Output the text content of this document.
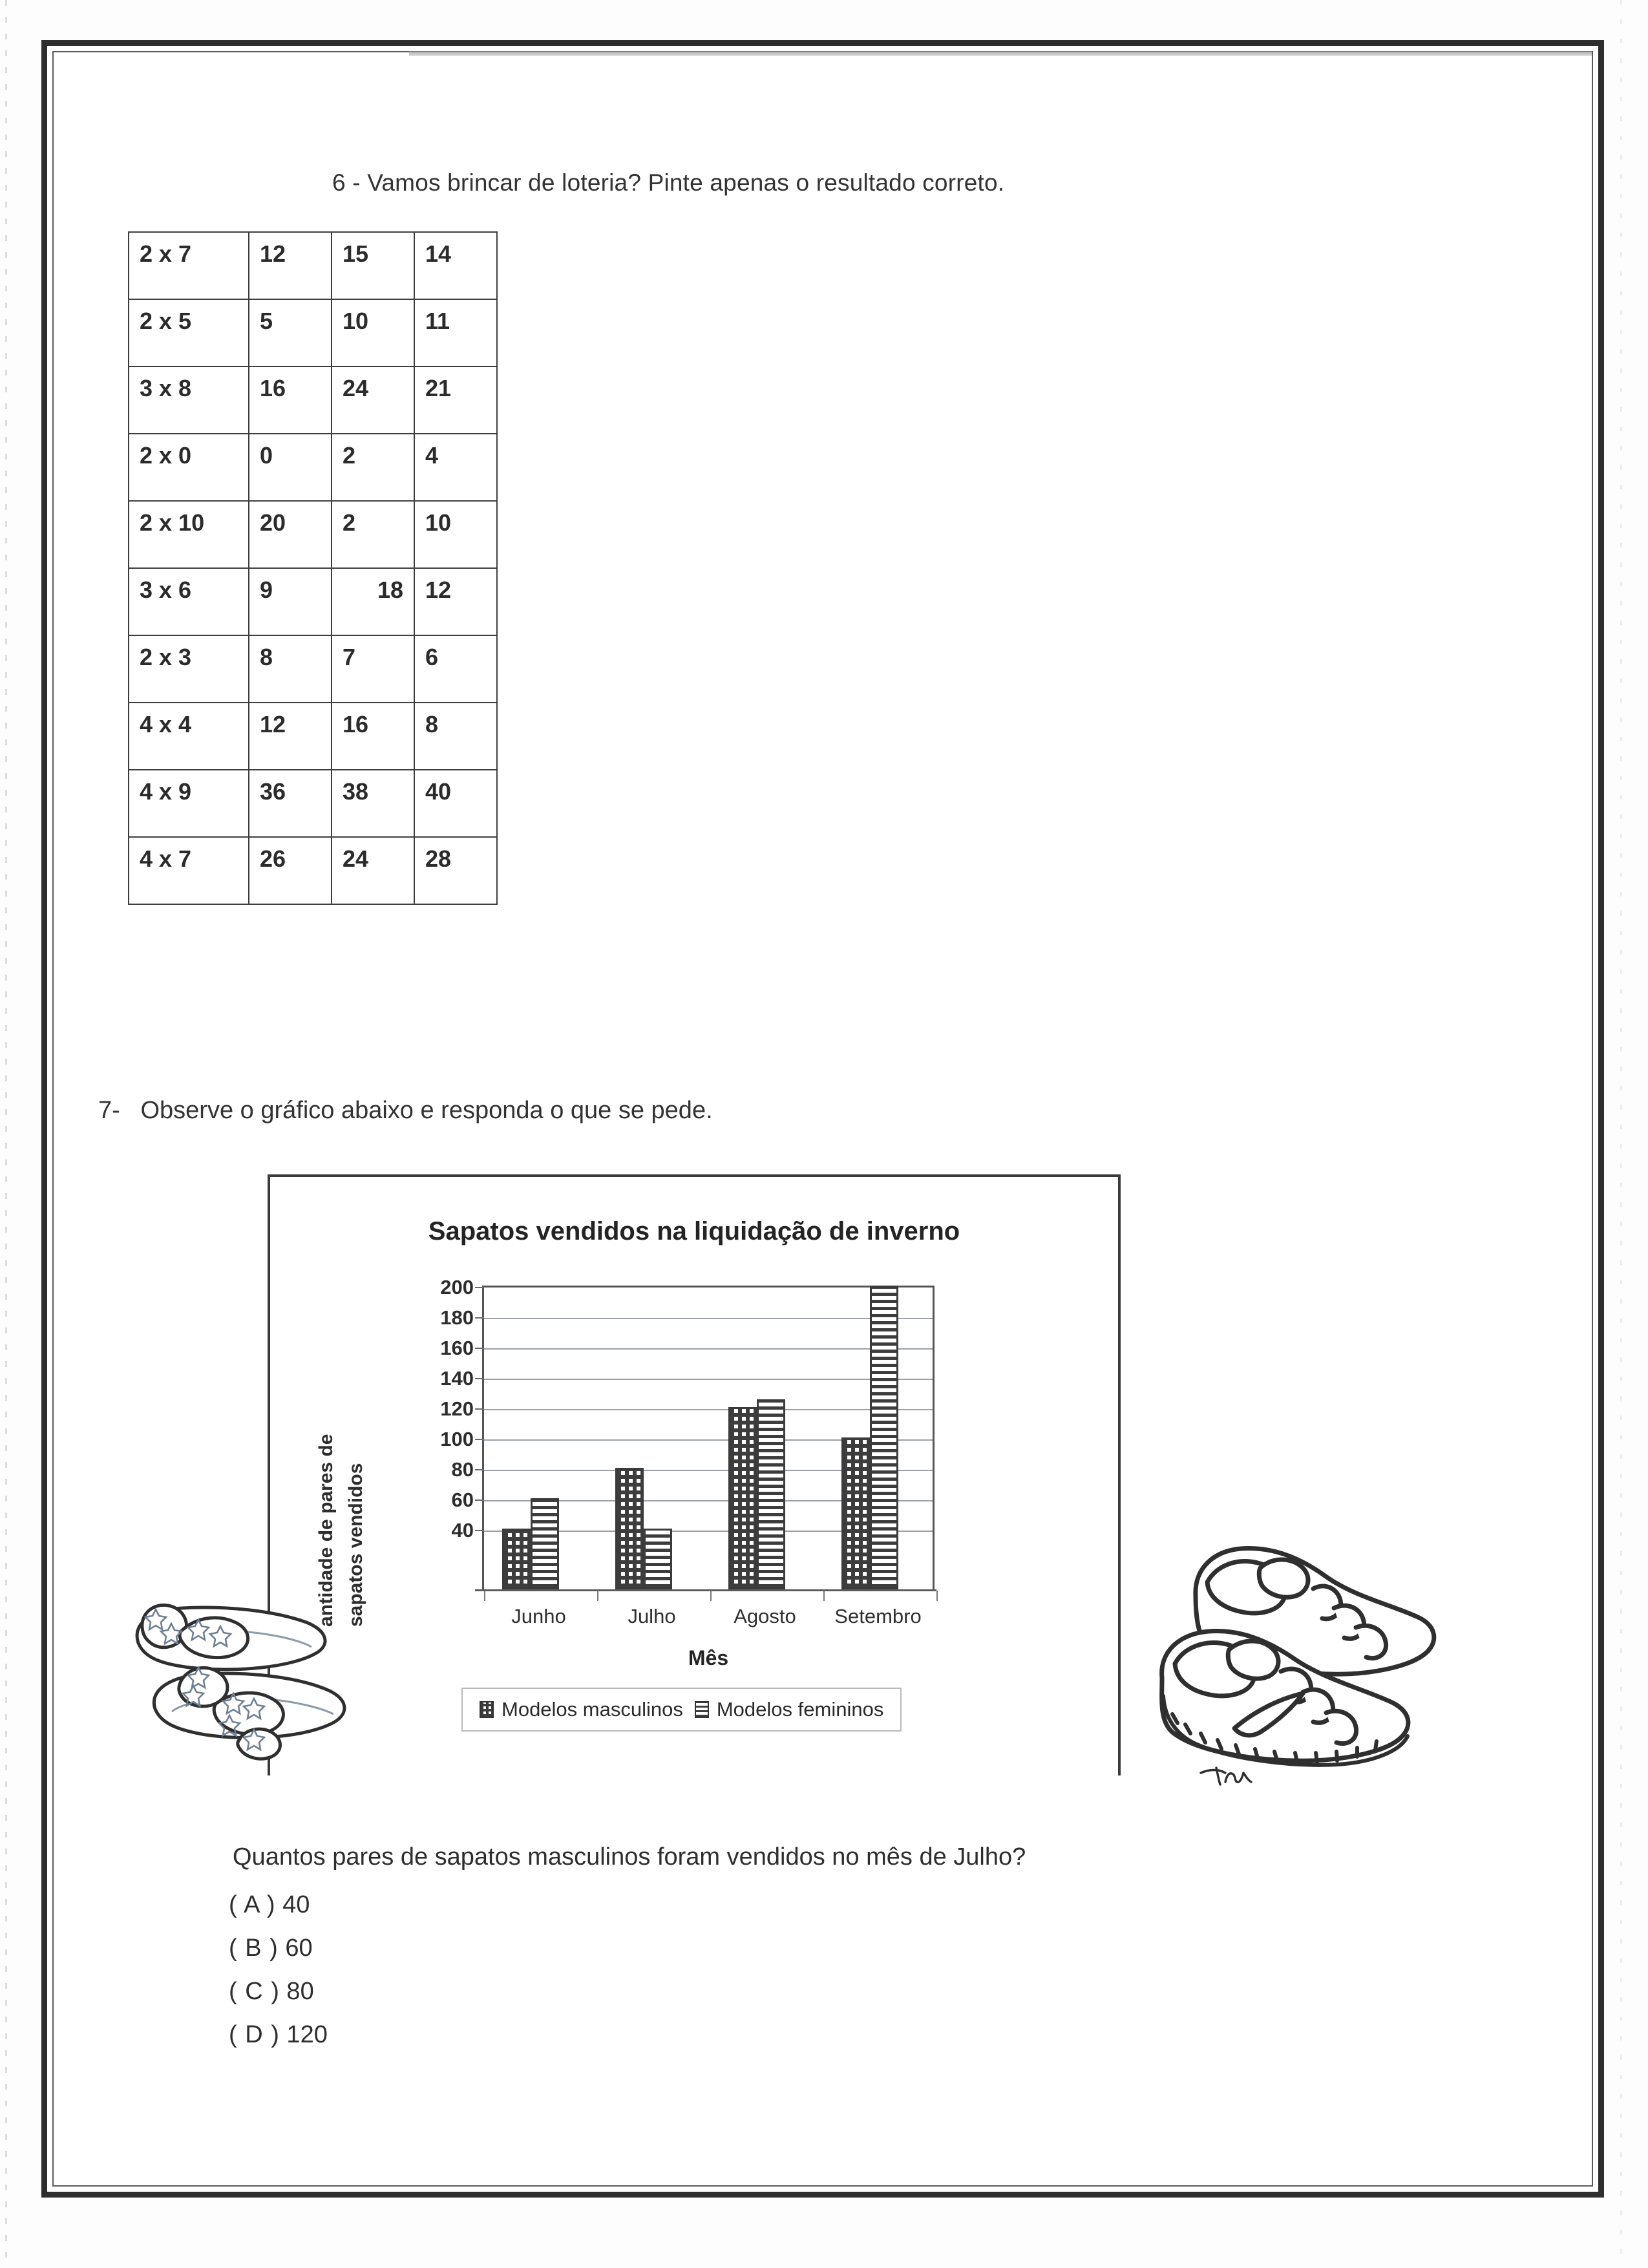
6 - Vamos brincar de loteria? Pinte apenas o resultado correto.
2 x 7	12	15	14
2 x 5	5	10	11
3 x 8	16	24	21
2 x 0	0	2	4
2 x 10	20	2	10
3 x 6	9	18	12
2 x 3	8	7	6
4 x 4	12	16	8
4 x 9	36	38	40
4 x 7	26	24	28
7- Observe o gráfico abaixo e responda o que se pede.
Sapatos vendidos na liquidação de inverno
antidade de pares de sapatos vendidos
200
180
160
140
120
100
80
60
40
Junho	Julho	Agosto Setembro
Mês
Modelos masculinos Modelos femininos
Quantos pares de sapatos masculinos foram vendidos no mês de Julho?
( A ) 40
( B ) 60
( C ) 80
( D ) 120
